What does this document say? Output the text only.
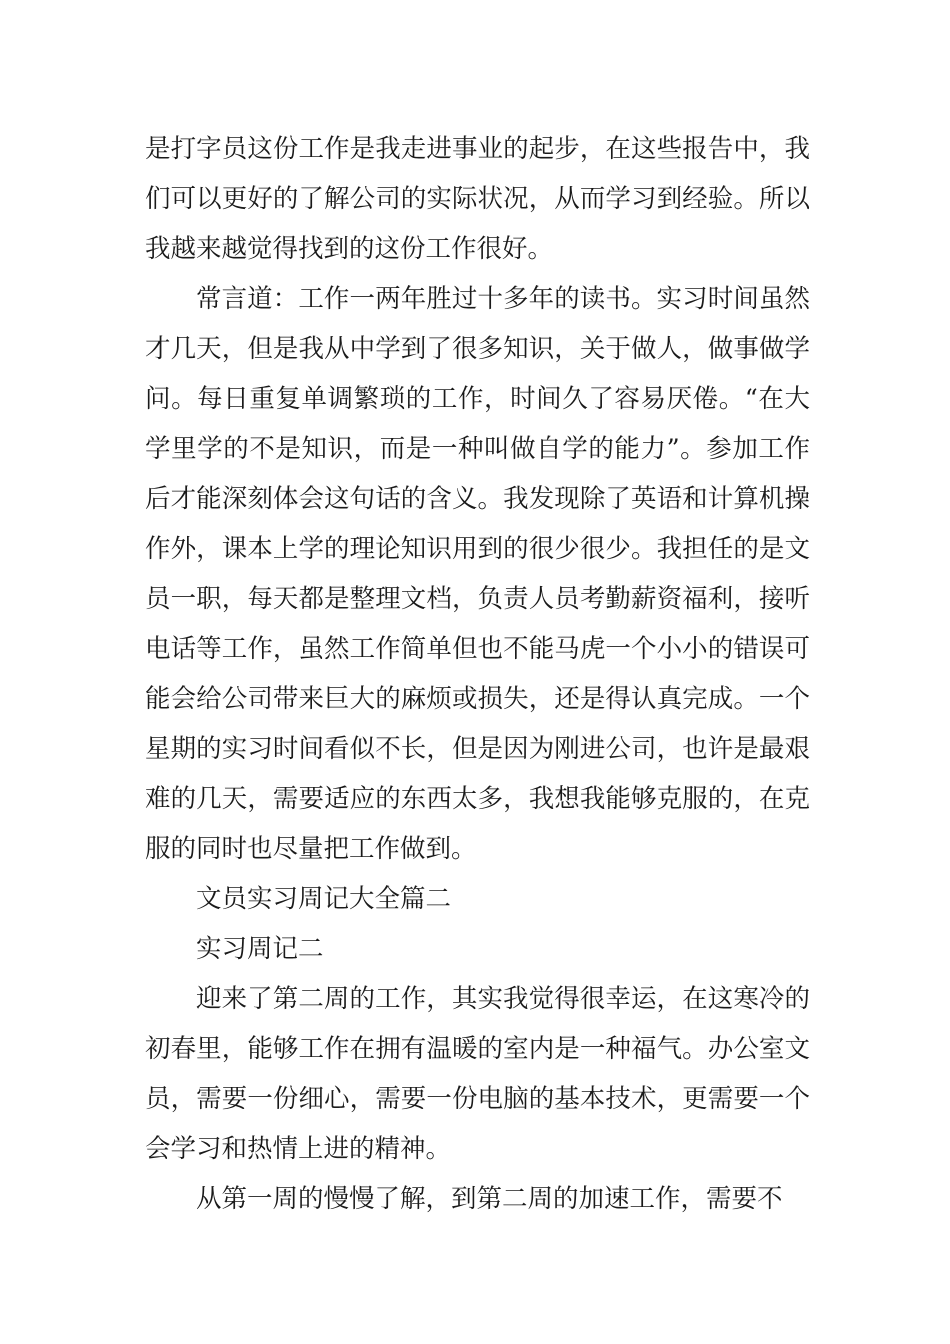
是打字员这份工作是我走进事业的起步，在这些报告中，我们可以更好的了解公司的实际状况，从而学习到经验。所以我越来越觉得找到的这份工作很好。

常言道：工作一两年胜过十多年的读书。实习时间虽然才几天，但是我从中学到了很多知识，关于做人，做事做学问。每日重复单调繁琐的工作，时间久了容易厌倦。“在大学里学的不是知识，而是一种叫做自学的能力”。参加工作后才能深刻体会这句话的含义。我发现除了英语和计算机操作外，课本上学的理论知识用到的很少很少。我担任的是文员一职，每天都是整理文档，负责人员考勤薪资福利，接听电话等工作，虽然工作简单但也不能马虎一个小小的错误可能会给公司带来巨大的麻烦或损失，还是得认真完成。一个星期的实习时间看似不长，但是因为刚进公司，也许是最艰难的几天，需要适应的东西太多，我想我能够克服的，在克服的同时也尽量把工作做到。

文员实习周记大全篇二

实习周记二

迎来了第二周的工作，其实我觉得很幸运，在这寒冷的初春里，能够工作在拥有温暖的室内是一种福气。办公室文员，需要一份细心，需要一份电脑的基本技术，更需要一个会学习和热情上进的精神。

从第一周的慢慢了解，到第二周的加速工作，需要不
